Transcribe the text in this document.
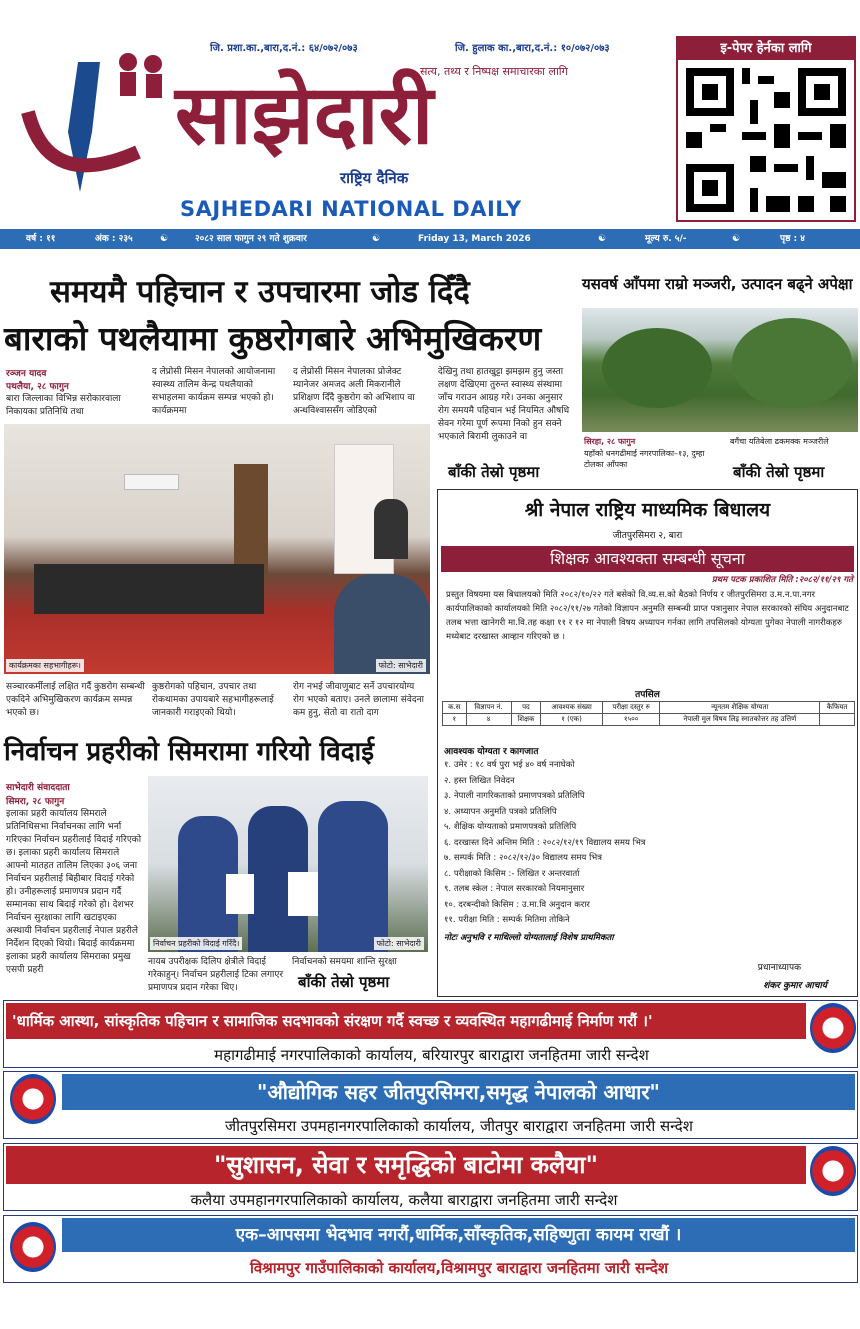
जि. प्रशा.का.,बारा,द.नं.: ६४/०७२/०७३	जि. हुलाक का.,बारा,द.नं.: १०/०७२/०७३
सत्य, तथ्य र निष्पक्ष समाचारका लागि
साझेदारी
राष्ट्रिय दैनिक
SAJHEDARI NATIONAL DAILY
इ-पेपर हेर्नका लागि
वर्ष : ११	अंक : २३५	☯	२०८२ साल फागुन २९ गते शुक्रवार	☯	Friday 13, March 2026	☯	मूल्य रु. ५/-	☯	पृष्ठ : ४
समयमै पहिचान र उपचारमा जोड दिँदै
बाराको पथलैयामा कुष्ठरोगबारे अभिमुखिकरण
रञ्जन यादव
पथलैया, २८ फागुन
बारा जिल्लाका विभिन्न सरोकारवाला निकायका प्रतिनिधि तथा
द लेप्रोसी मिसन नेपालको आयोजनामा स्वास्थ्य तालिम केन्द्र पथलैयाको सभाहलमा कार्यक्रम सम्पन्न भएको हो। कार्यक्रममा
द लेप्रोसी मिसन नेपालका प्रोजेक्ट म्यानेजर अमजद अली मिकरानीले प्रशिक्षण दिँदै कुष्ठरोग को अभिशाप वा अन्धविश्वाससँग जोडिएको
देखिनु तथा हातखुट्टा झमझम हुनु जस्ता लक्षण देखिएमा तुरुन्त स्वास्थ्य संस्थामा जाँच गराउन आग्रह गरे। उनका अनुसार रोग समयमै पहिचान भई नियमित औषधि सेवन गरेमा पूर्ण रूपमा निको हुन सक्ने भएकाले बिरामी लुकाउने वा
बाँकी तेस्रो पृष्ठमा
कार्यक्रमका सहभागीहरू।	फोटो: साभेदारी
सञ्चारकर्मीलाई लक्षित गर्दै कुष्ठरोग सम्बन्धी एकदिने अभिमुखिकरण कार्यक्रम सम्पन्न भएको छ।
कुष्ठरोगको पहिचान, उपचार तथा रोकथामका उपायबारे सहभागीहरूलाई जानकारी गराइएको थियो।
रोग नभई जीवाणुबाट सर्ने उपचारयोग्य रोग भएको बताए। उनले छालामा संवेदना कम हुनु, सेतो वा रातो दाग
यसवर्ष आँपमा राम्रो मञ्जरी, उत्पादन बढ्ने अपेक्षा
सिरहा, २८ फागुन
यहाँको धनगढीमाई नगरपालिका–१३, दुम्हा टोलका आँपका
बगैंचा यतिबेला ढकमक्क मञ्जरीले
बाँकी तेस्रो पृष्ठमा
निर्वाचन प्रहरीको सिमरामा गरियो विदाई
साभेदारी संवाददाता
सिमरा, २८ फागुन
इलाका प्रहरी कार्यालय सिमराले प्रतिनिधिसभा निर्वाचनका लागि भर्ना गरिएका निर्वाचन प्रहरीलाई विदाई गरिएको छ। इलाका प्रहरी कार्यालय सिमराले आफ्नो मातहत तालिम लिएका ३०६ जना निर्वाचन प्रहरीलाई बिहीबार विदाई गरेको हो। उनीहरूलाई प्रमाणपत्र प्रदान गर्दै सम्मानका साथ बिदाई गरेको हो। देशभर निर्वाचन सुरक्षाका लागि खटाइएका अस्थायी निर्वाचन प्रहरीलाई नेपाल प्रहरीले निर्देशन दिएको थियो। बिदाई कार्यक्रममा इलाका प्रहरी कार्यालय सिमराका प्रमुख एसपी प्रहरी
निर्वाचन प्रहरीको विदाई गरिँदै।	फोटो: साभेदारी
नायब उपरीक्षक दिलिप क्षेत्रीले विदाई गरेकाहुन्। निर्वाचन प्रहरीलाई टिका लगाएर प्रमाणपत्र प्रदान गरेका थिए।
निर्वाचनको समयमा शान्ति सुरक्षा
बाँकी तेस्रो पृष्ठमा
श्री नेपाल राष्ट्रिय माध्यमिक बिधालय
जीतपुरसिमरा २, बारा
शिक्षक आवश्यक्ता सम्बन्धी सूचना
प्रथम पटक प्रकाशित मिति :२०८२/११/२९ गते
प्रस्तुत विषयमा यस बिधालयको मिति २०८२/१०/२२ गते बसेको वि.व्य.स.को बैठको निर्णय र जीतपुरसिमरा उ.म.न.पा.नगर कार्यपालिकाको कार्यालयको मिति २०८२/११/२७ गतेको विज्ञापन अनुमति सम्बन्धी प्राप्त पत्रानुसार नेपाल सरकारको संघिय अनुदानबाट तलब भत्ता खानेगरी मा.वि.तह कक्षा ११ र १२ मा नेपाली विषय अध्यापन गर्नका लागि तपसिलको योग्यता पुगेका नेपाली नागरीकहरु मध्येबाट दरखास्त आव्हान गरिएको छ ।
तपसिल
क.स	विज्ञापन नं.	पद	आवश्यक संख्या	परीक्षा दस्तुर रु	न्यूनतम शैक्षिक योग्यता	कैफियत
१	४	शिक्षक	१ (एक)	१५००	नेपाली मुल विषय लिइ स्नातकोत्तर तह उत्तिर्ण	
आवश्यक योग्यता र कागजात
१. उमेर : १८ वर्ष पुरा भई ४० वर्ष ननाघेको
२. हस्त लिखित निवेदन
३. नेपाली नागरिकताको प्रमाणपत्रको प्रतिलिपि
४. अध्यापन अनुमति पत्रको प्रतिलिपि
५. शैक्षिक योग्यताको प्रमाणपत्रको प्रतिलिपि
६. दरखास्त दिने अन्तिम मिति : २०८२/१२/१९ विद्यालय समय भित्र
७. सम्पर्क मिति : २०८२/१२/३० विद्यालय समय भित्र
८. परीक्षाको किसिम :- लिखित र अन्तरवार्ता
९. तलब स्केल : नेपाल सरकारको नियमानुसार
१०. दरबन्दीको किसिम : उ.मा.वि अनुदान करार
११. परीक्षा मिति : सम्पर्क मितिमा तोकिने
नोटः अनुभवि र माथिल्लो योग्यतालाई विशेष प्राथमिकता
प्रधानाध्यापक
शंकर कुमार आचार्य
'धार्मिक आस्था, सांस्कृतिक पहिचान र सामाजिक सदभावको संरक्षण गर्दै स्वच्छ र व्यवस्थित महागढीमाई निर्माण गरौं ।'
महागढीमाई नगरपालिकाको कार्यालय, बरियारपुर बाराद्वारा जनहितमा जारी सन्देश
"औद्योगिक सहर जीतपुरसिमरा,समृद्ध नेपालको आधार"
जीतपुरसिमरा उपमहानगरपालिकाको कार्यालय, जीतपुर बाराद्वारा जनहितमा जारी सन्देश
"सुशासन, सेवा र समृद्धिको बाटोमा कलैया"
कलैया उपमहानगरपालिकाको कार्यालय, कलैया बाराद्वारा जनहितमा जारी सन्देश
एक–आपसमा भेदभाव नगरौं,धार्मिक,साँस्कृतिक,सहिष्णुता कायम राखौं ।
विश्रामपुर गाउँपालिकाको कार्यालय,विश्रामपुर बाराद्वारा जनहितमा जारी सन्देश
